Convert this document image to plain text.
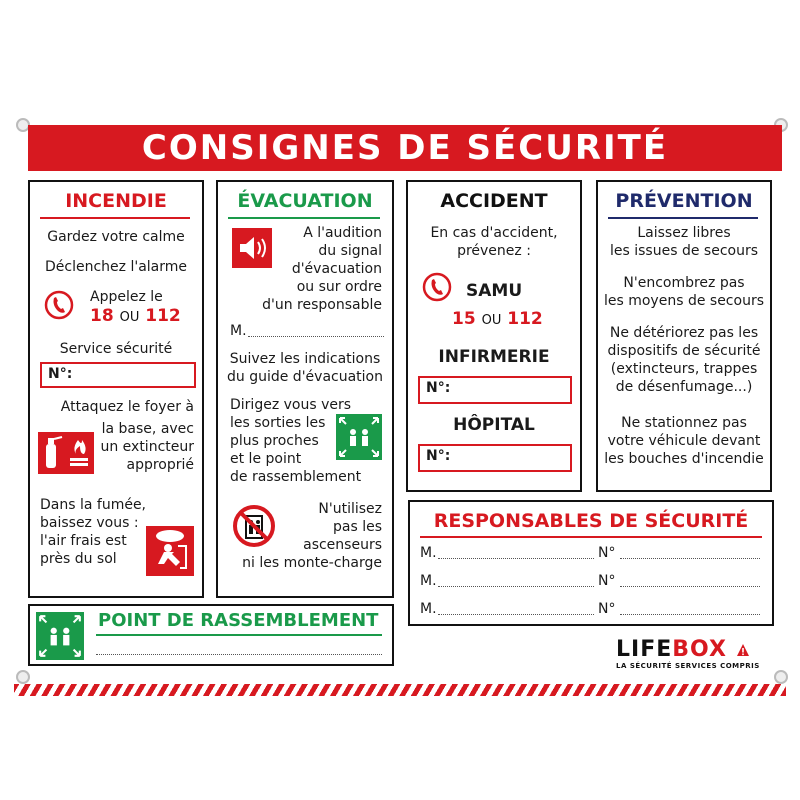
CONSIGNES DE SÉCURITÉ
INCENDIE
Gardez votre calme
Déclenchez l'alarme
Appelez le
18 OU 112
Service sécurité
N°:
Attaquez le foyer à
la base, avec
un extincteur
approprié
Dans la fumée,
baissez vous :
l'air frais est
près du sol
ÉVACUATION
A l'audition
du signal
d'évacuation
ou sur ordre
d'un responsable
M.
Suivez les indications
du guide d'évacuation
Dirigez vous vers
les sorties les
plus proches
et le point
de rassemblement
N'utilisez
pas les
ascenseurs
ni les monte-charge
ACCIDENT
En cas d'accident,
prévenez :
SAMU
15 OU 112
INFIRMERIE
N°:
HÔPITAL
N°:
PRÉVENTION
Laissez libres
les issues de secours
N'encombrez pas
les moyens de secours
Ne détériorez pas les
dispositifs de sécurité
(extincteurs, trappes
de désenfumage...)
Ne stationnez pas
votre véhicule devant
les bouches d'incendie
RESPONSABLES DE SÉCURITÉ
M.	N°
M.	N°
M.	N°
POINT DE RASSEMBLEMENT
LIFEBOX
LA SÉCURITÉ SERVICES COMPRIS
